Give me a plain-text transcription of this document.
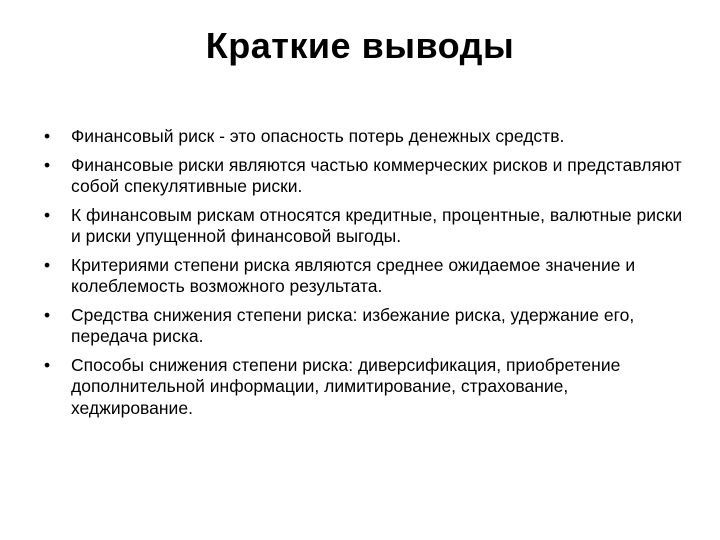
Краткие выводы
•	Финансовый риск - это опасность потерь денежных средств.
•	Финансовые риски являются частью коммерческих рисков и представляют собой спекулятивные риски.
•	К финансовым рискам относятся кредитные, процентные, валютные риски и риски упущенной финансовой выгоды.
•	Критериями степени риска являются среднее ожидаемое значение и колеблемость возможного результата.
•	Средства снижения степени риска: избежание риска, удержание его, передача риска.
•	Способы снижения степени риска: диверсификация, приобретение дополнительной информации, лимитирование, страхование, хеджирование.
